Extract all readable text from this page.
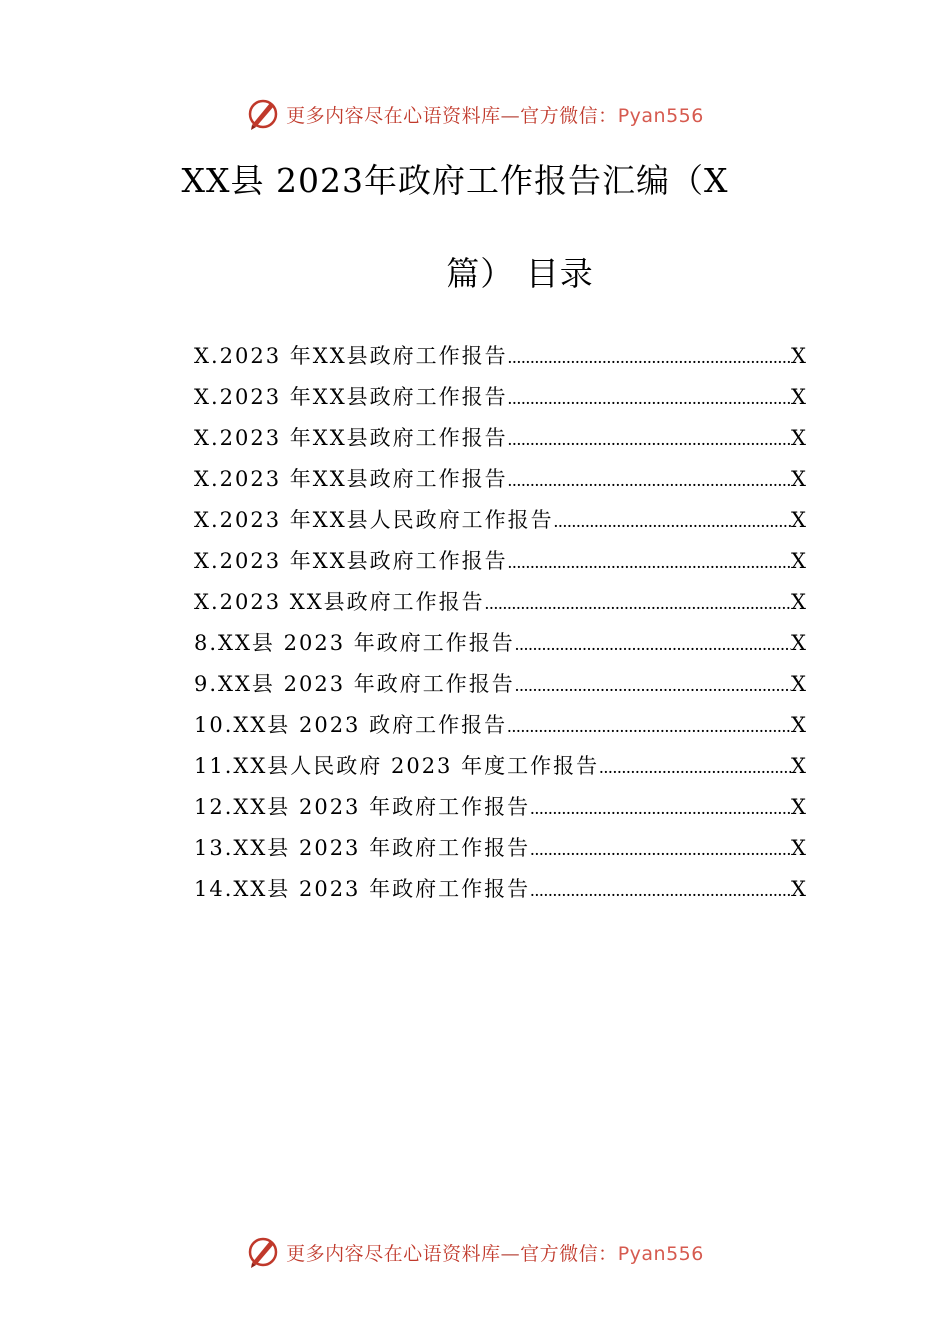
更多内容尽在心语资料库—官方微信：Pyan556
XX县 2023年政府工作报告汇编（X
篇） 目录
X.2023 年XX县政府工作报告 .....	X
X.2023 年XX县政府工作报告 .....	X
X.2023 年XX县政府工作报告 .....	X
X.2023 年XX县政府工作报告 .....	X
X.2023 年XX县人民政府工作报告 .....	X
X.2023 年XX县政府工作报告 .....	X
X.2023 XX县政府工作报告 .....	X
8.XX县 2023 年政府工作报告 .....	X
9.XX县 2023 年政府工作报告 .....	X
10.XX县 2023 政府工作报告 .....	X
11.XX县人民政府 2023 年度工作报告 .....	X
12.XX县 2023 年政府工作报告 .....	X
13.XX县 2023 年政府工作报告 .....	X
14.XX县 2023 年政府工作报告 .....	X
更多内容尽在心语资料库—官方微信：Pyan556
